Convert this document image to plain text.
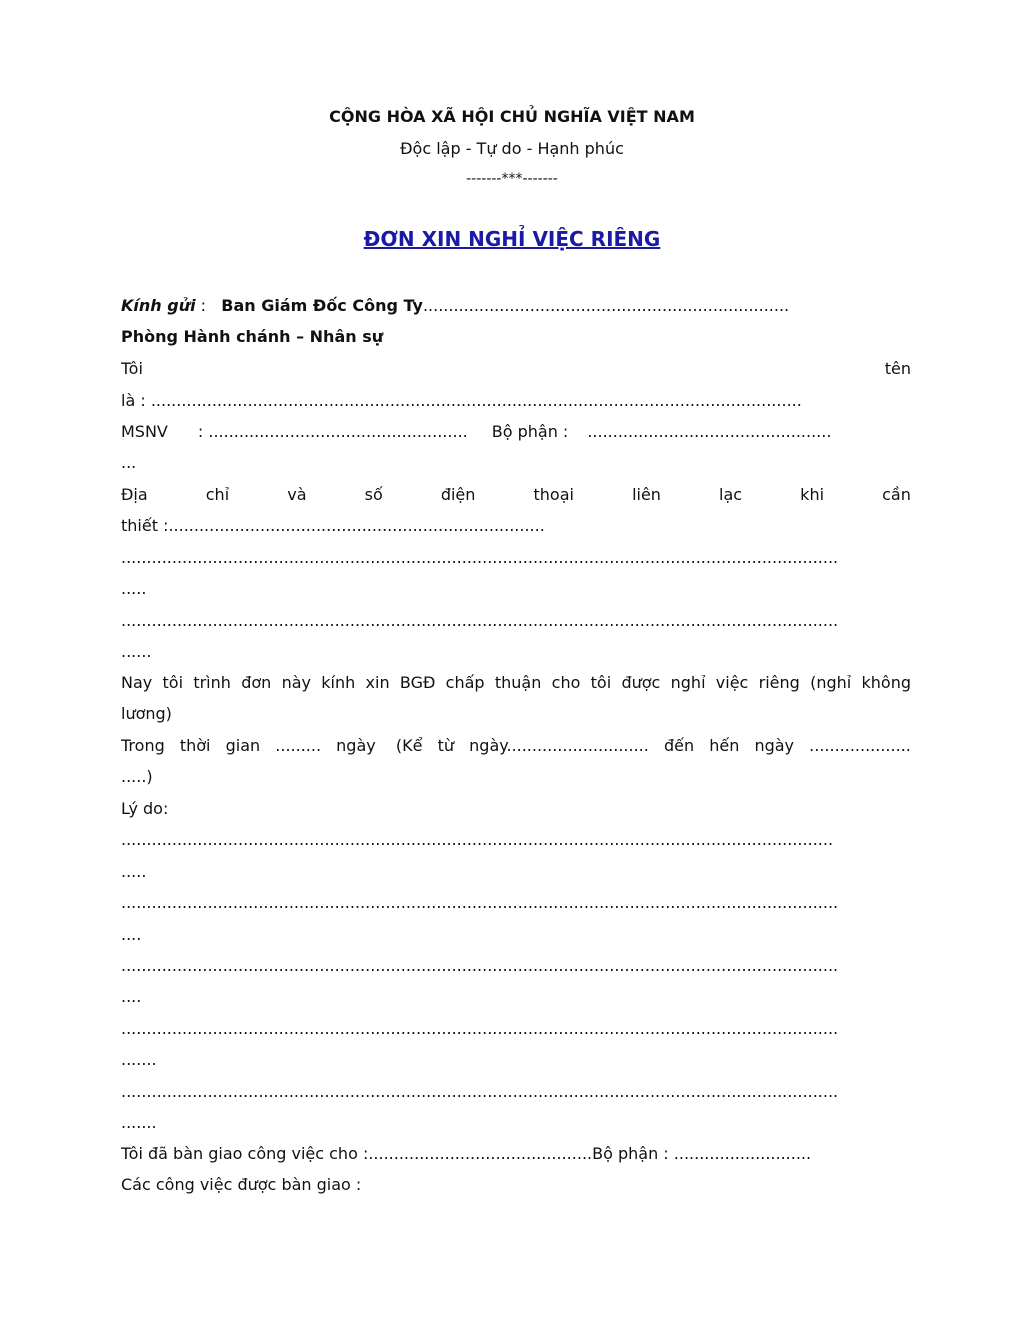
CỘNG HÒA XÃ HỘI CHỦ NGHĨA VIỆT NAM
Độc lập - Tự do - Hạnh phúc
-------***-------
ĐƠN XIN NGHỈ VIỆC RIÊNG
Kính gửi :   Ban Giám Đốc Công Ty........................................................................
Phòng Hành chánh – Nhân sự
Tôi	tên
là : ................................................................................................................................
MSNV : ................................................... Bộ phận : ................................................
...
Địa	chỉ	và	số	điện	thoại	liên	lạc	khi	cần
thiết :..........................................................................
.............................................................................................................................................
.....
.............................................................................................................................................
......
Nay tôi trình đơn này kính xin BGĐ chấp thuận cho tôi được nghỉ việc riêng (nghỉ không
lương)
Trong thời gian ......... ngày (Kể từ ngày............................ đến hến ngày ....................
.....)
Lý do:
............................................................................................................................................
.....
.............................................................................................................................................
....
.............................................................................................................................................
....
.............................................................................................................................................
.......
.............................................................................................................................................
.......
Tôi đã bàn giao công việc cho :............................................Bộ phận : ...........................
Các công việc được bàn giao :
